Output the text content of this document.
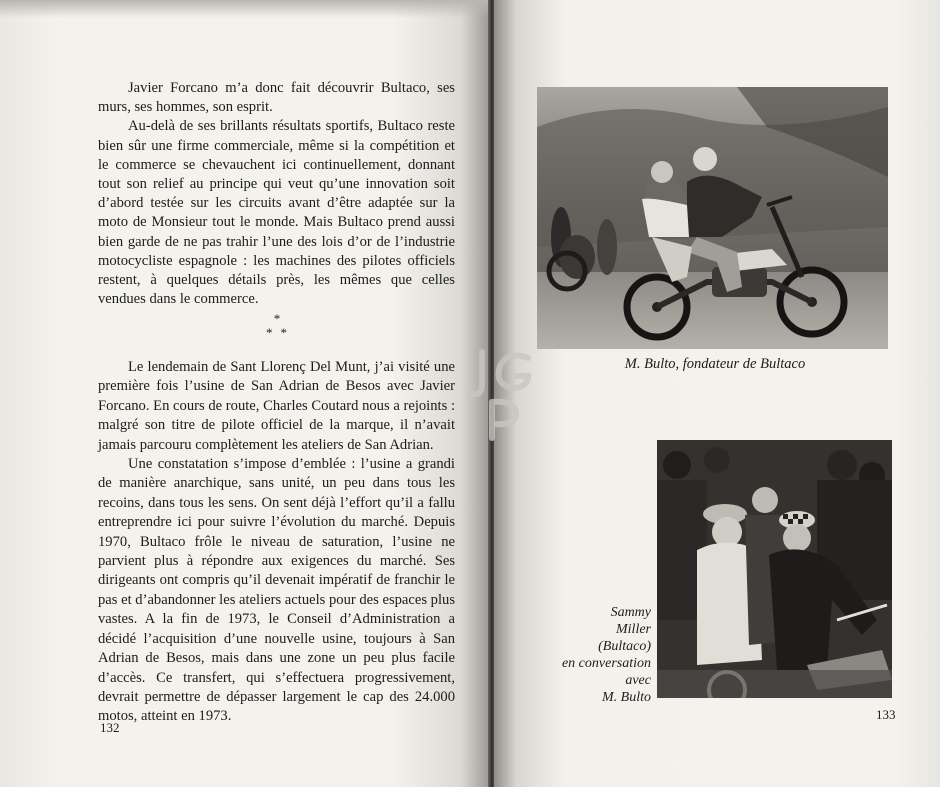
Javier Forcano m’a donc fait découvrir Bultaco, ses murs, ses hommes, son esprit.

Au-delà de ses brillants résultats sportifs, Bultaco reste bien sûr une firme commerciale, même si la compétition et le commerce se chevauchent ici continuellement, donnant tout son relief au principe qui veut qu’une innovation soit d’abord testée sur les circuits avant d’être adaptée sur la moto de Monsieur tout le monde. Mais Bultaco prend aussi bien garde de ne pas trahir l’une des lois d’or de l’industrie motocycliste espagnole : les machines des pilotes officiels restent, à quelques détails près, les mêmes que celles vendues dans le commerce.

*
**

Le lendemain de Sant Llorenç Del Munt, j’ai visité une première fois l’usine de San Adrian de Besos avec Javier Forcano. En cours de route, Charles Coutard nous a rejoints : malgré son titre de pilote officiel de la marque, il n’avait jamais parcouru complètement les ateliers de San Adrian.

Une constatation s’impose d’emblée : l’usine a grandi de manière anarchique, sans unité, un peu dans tous les recoins, dans tous les sens. On sent déjà l’effort qu’il a fallu entreprendre ici pour suivre l’évolution du marché. Depuis 1970, Bultaco frôle le niveau de saturation, l’usine ne parvient plus à répondre aux exigences du marché. Ses dirigeants ont compris qu’il devenait impératif de franchir le pas et d’abandonner les ateliers actuels pour des espaces plus vastes. A la fin de 1973, le Conseil d’Administration a décidé l’acquisition d’une nouvelle usine, toujours à San Adrian de Besos, mais dans une zone un peu plus facile d’accès. Ce transfert, qui s’effectuera progressivement, devrait permettre de dépasser largement le cap des 24.000 motos, atteint en 1973.

132
M. Bulto, fondateur de Bultaco
Sammy
Miller
(Bultaco)
en conversation
avec
M. Bulto
133
